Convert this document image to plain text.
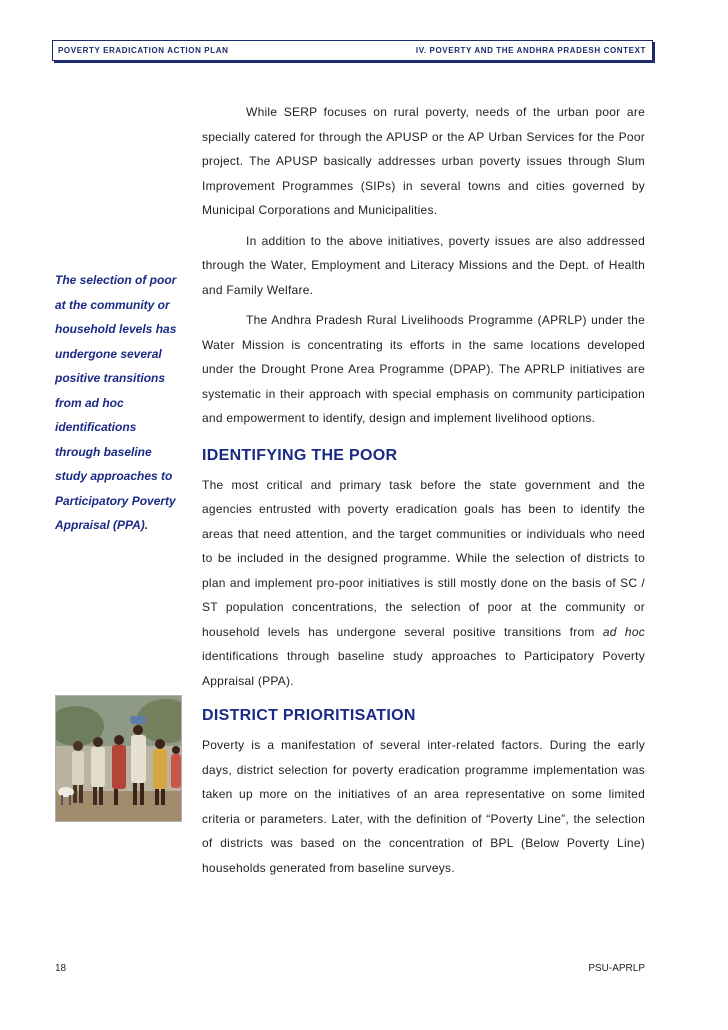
POVERTY ERADICATION ACTION PLAN	IV. POVERTY AND THE ANDHRA PRADESH CONTEXT
The selection of poor at the community or household levels has undergone several positive transitions from ad hoc identifications through baseline study approaches to Participatory Poverty Appraisal (PPA).

While SERP focuses on rural poverty, needs of the urban poor are specially catered for through the APUSP or the AP Urban Services for the Poor project. The APUSP basically addresses urban poverty issues through Slum Improvement Programmes (SIPs) in several towns and cities governed by Municipal Corporations and Municipalities.

In addition to the above initiatives, poverty issues are also addressed through the Water, Employment and Literacy Missions and the Dept. of Health and Family Welfare.

The Andhra Pradesh Rural Livelihoods Programme (APRLP) under the Water Mission is concentrating its efforts in the same locations developed under the Drought Prone Area Programme (DPAP). The APRLP initiatives are systematic in their approach with special emphasis on community participation and empowerment to identify, design and implement livelihood options.

IDENTIFYING THE POOR

The most critical and primary task before the state government and the agencies entrusted with poverty eradication goals has been to identify the areas that need attention, and the target communities or individuals who need to be included in the designed programme. While the selection of districts to plan and implement pro-poor initiatives is still mostly done on the basis of SC / ST population concentrations, the selection of poor at the community or household levels has undergone several positive transitions from ad hoc identifications through baseline study approaches to Participatory Poverty Appraisal (PPA).

DISTRICT PRIORITISATION

Poverty is a manifestation of several inter-related factors. During the early days, district selection for poverty eradication programme implementation was taken up more on the initiatives of an area representative on some limited criteria or parameters. Later, with the definition of “Poverty Line”, the selection of districts was based on the concentration of BPL (Below Poverty Line) households generated from baseline surveys.

18	PSU-APRLP
